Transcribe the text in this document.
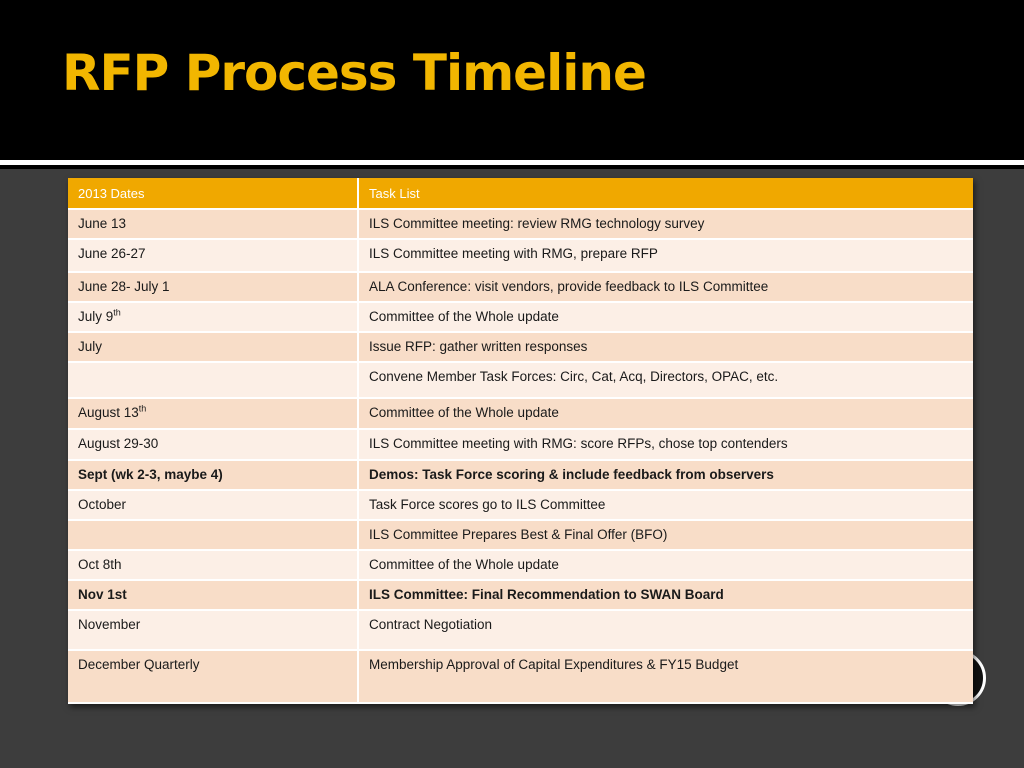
RFP Process Timeline
2013 Dates	Task List
June 13	ILS Committee meeting: review RMG technology survey
June 26-27	ILS Committee meeting with RMG, prepare RFP
June 28- July 1	ALA Conference: visit vendors, provide feedback to ILS Committee
July 9th	Committee of the Whole update
July	Issue RFP: gather written responses
	Convene Member Task Forces: Circ, Cat, Acq, Directors, OPAC, etc.
August 13th	Committee of the Whole update
August 29-30	ILS Committee meeting with RMG: score RFPs, chose top contenders
Sept (wk 2-3, maybe 4)	Demos: Task Force scoring & include feedback from observers
October	Task Force scores go to ILS Committee
	ILS Committee Prepares Best & Final Offer (BFO)
Oct 8th	Committee of the Whole update
Nov 1st	ILS Committee: Final Recommendation to SWAN Board
November	Contract Negotiation
December Quarterly	Membership Approval of Capital Expenditures & FY15 Budget
